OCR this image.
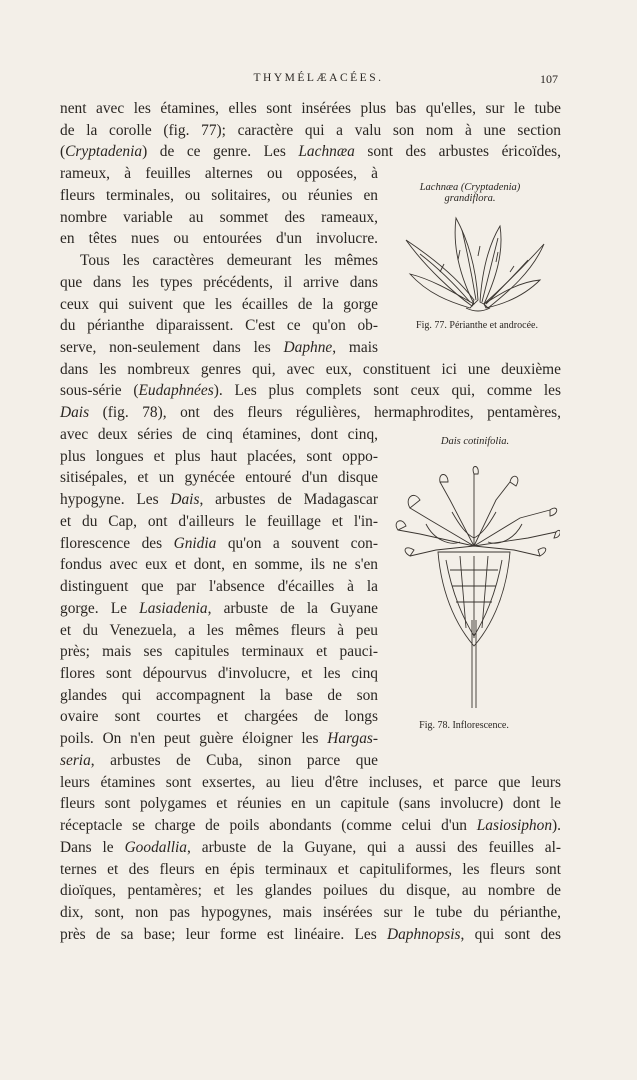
THYMÉLÆACÉES.	107
nent avec les étamines, elles sont insérées plus bas qu'elles, sur le tube
de la corolle (fig. 77); caractère qui a valu son nom à une section
(Cryptadenia) de ce genre. Les Lachnæa sont des arbustes éricoïdes,
rameux, à feuilles alternes ou opposées, à
fleurs terminales, ou solitaires, ou réunies en
nombre variable au sommet des rameaux,
en têtes nues ou entourées d'un involucre.
Tous les caractères demeurant les mêmes
que dans les types précédents, il arrive dans
ceux qui suivent que les écailles de la gorge
du périanthe diparaissent. C'est ce qu'on ob-
serve, non-seulement dans les Daphne, mais
dans les nombreux genres qui, avec eux, constituent ici une deuxième
sous-série (Eudaphnées). Les plus complets sont ceux qui, comme les
Dais (fig. 78), ont des fleurs régulières, hermaphrodites, pentamères,
avec deux séries de cinq étamines, dont cinq,
plus longues et plus haut placées, sont oppo-
sitisépales, et un gynécée entouré d'un disque
hypogyne. Les Dais, arbustes de Madagascar
et du Cap, ont d'ailleurs le feuillage et l'in-
florescence des Gnidia qu'on a souvent con-
fondus avec eux et dont, en somme, ils ne s'en
distinguent que par l'absence d'écailles à la
gorge. Le Lasiadenia, arbuste de la Guyane
et du Venezuela, a les mêmes fleurs à peu
près; mais ses capitules terminaux et pauci-
flores sont dépourvus d'involucre, et les cinq
glandes qui accompagnent la base de son
ovaire sont courtes et chargées de longs
poils. On n'en peut guère éloigner les Hargas-
seria, arbustes de Cuba, sinon parce que
leurs étamines sont exsertes, au lieu d'être incluses, et parce que leurs
fleurs sont polygames et réunies en un capitule (sans involucre) dont le
réceptacle se charge de poils abondants (comme celui d'un Lasiosiphon).
Dans le Goodallia, arbuste de la Guyane, qui a aussi des feuilles al-
ternes et des fleurs en épis terminaux et capituliformes, les fleurs sont
dioïques, pentamères; et les glandes poilues du disque, au nombre de
dix, sont, non pas hypogynes, mais insérées sur le tube du périanthe,
près de sa base; leur forme est linéaire. Les Daphnopsis, qui sont des
Lachnæa (Cryptadenia)
grandiflora.
Fig. 77. Périanthe et androcée.
Dais cotinifolia.
Fig. 78. Inflorescence.
